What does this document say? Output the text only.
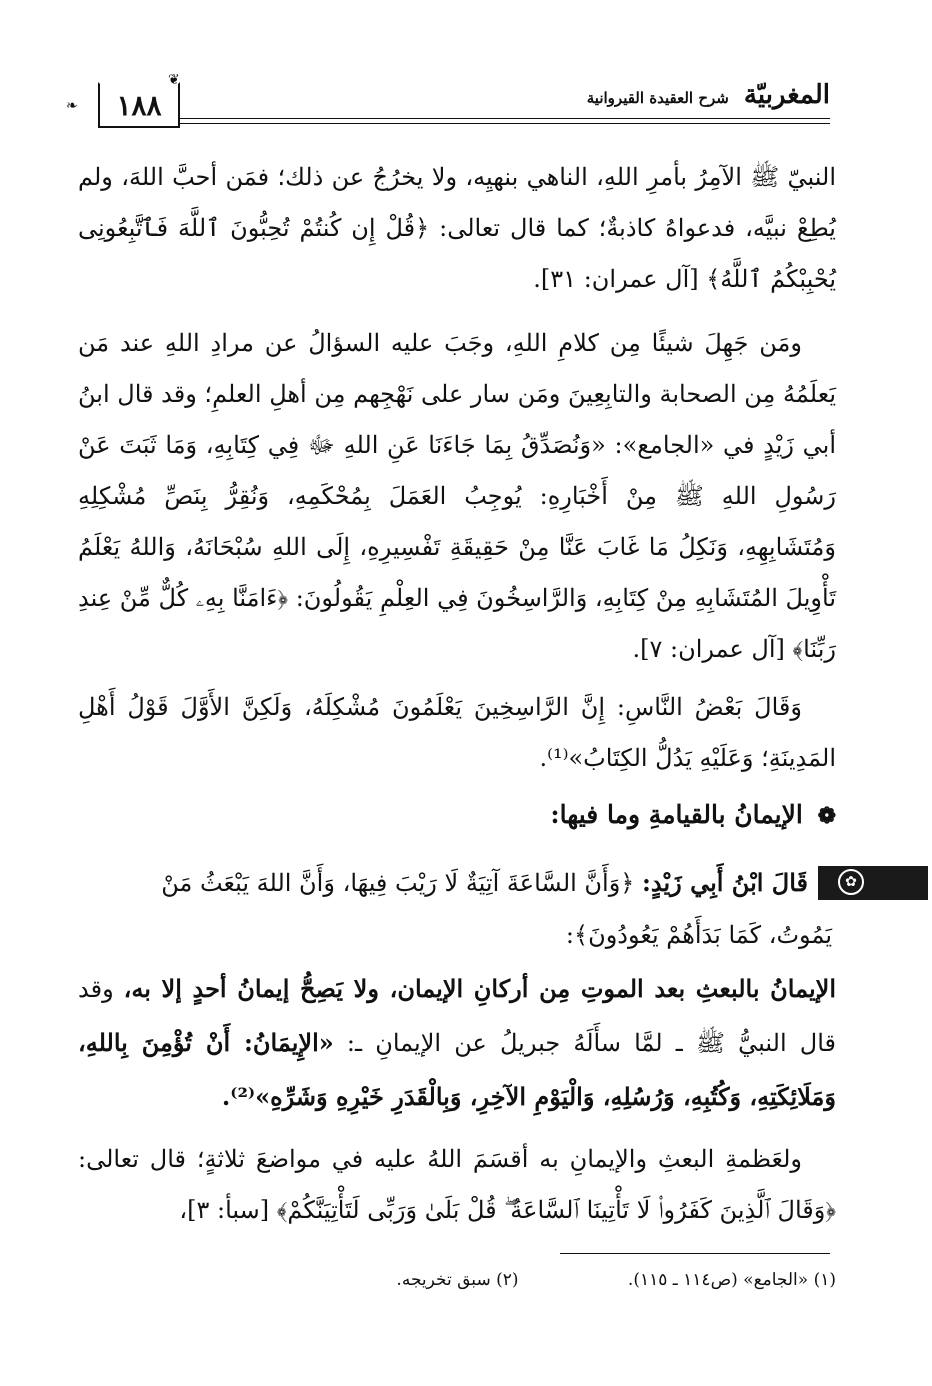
المغربيّة شرح العقيدة القيروانية
١٨٨
❧
❦

النبيّ ﷺ الآمِرُ بأمرِ اللهِ، الناهي بنهيِه، ولا يخرُجُ عن ذلك؛ فمَن أحبَّ اللهَ، ولم يُطِعْ نبيَّه، فدعواهُ كاذبةٌ؛ كما قال تعالى: ﴿قُلْ إِن كُنتُمْ تُحِبُّونَ ٱللَّهَ فَٱتَّبِعُونِى يُحْبِبْكُمُ ٱللَّهُ﴾ [آل عمران: ٣١].

ومَن جَهِلَ شيئًا مِن كلامِ اللهِ، وجَبَ عليه السؤالُ عن مرادِ اللهِ عند مَن يَعلَمُهُ مِن الصحابة والتابِعِينَ ومَن سار على نَهْجِهم مِن أهلِ العلمِ؛ وقد قال ابنُ أبي زَيْدٍ في «الجامع»: «وَنُصَدِّقُ بِمَا جَاءَنَا عَنِ اللهِ ﷻ فِي كِتَابِهِ، وَمَا ثَبَتَ عَنْ رَسُولِ اللهِ ﷺ مِنْ أَخْبَارِهِ: يُوجِبُ العَمَلَ بِمُحْكَمِهِ، وَنُقِرُّ بِنَصِّ مُشْكِلِهِ وَمُتَشَابِهِهِ، وَنَكِلُ مَا غَابَ عَنَّا مِنْ حَقِيقَةِ تَفْسِيرِهِ، إِلَى اللهِ سُبْحَانَهُ، وَاللهُ يَعْلَمُ تَأْوِيلَ المُتَشَابِهِ مِنْ كِتَابِهِ، وَالرَّاسِخُونَ فِي العِلْمِ يَقُولُونَ: ﴿ءَامَنَّا بِهِۦ كُلٌّ مِّنْ عِندِ رَبِّنَا﴾ [آل عمران: ٧].

وَقَالَ بَعْضُ النَّاسِ: إِنَّ الرَّاسِخِينَ يَعْلَمُونَ مُشْكِلَهُ، وَلَكِنَّ الأَوَّلَ قَوْلُ أَهْلِ المَدِينَةِ؛ وَعَلَيْهِ يَدُلُّ الكِتَابُ»⁽¹⁾.

❁ الإيمانُ بالقيامةِ وما فيها:
✿
قَالَ ابْنُ أَبِي زَيْدٍ: ﴿وَأَنَّ السَّاعَةَ آتِيَةٌ لَا رَيْبَ فِيهَا، وَأَنَّ اللهَ يَبْعَثُ مَنْ
يَمُوتُ، كَمَا بَدَأَهُمْ يَعُودُونَ﴾:
الإيمانُ بالبعثِ بعد الموتِ مِن أركانِ الإيمان، ولا يَصِحُّ إيمانُ أحدٍ إلا به، وقد قال النبيُّ ﷺ ـ لمَّا سأَلَهُ جبريلُ عن الإيمانِ ـ: «الإِيمَانُ: أَنْ تُؤْمِنَ بِاللهِ، وَمَلَائِكَتِهِ، وَكُتُبِهِ، وَرُسُلِهِ، وَالْيَوْمِ الآخِرِ، وَبِالْقَدَرِ خَيْرِهِ وَشَرِّهِ»⁽²⁾.

ولعَظمةِ البعثِ والإيمانِ به أقسَمَ اللهُ عليه في مواضعَ ثلاثةٍ؛ قال تعالى: ﴿وَقَالَ ٱلَّذِينَ كَفَرُوا۟ لَا تَأْتِينَا ٱلسَّاعَةُ ۖ قُلْ بَلَىٰ وَرَبِّى لَتَأْتِيَنَّكُمْ﴾ [سبأ: ٣]،

(١) «الجامع» (ص١١٤ ـ ١١٥). (٢) سبق تخريجه.
